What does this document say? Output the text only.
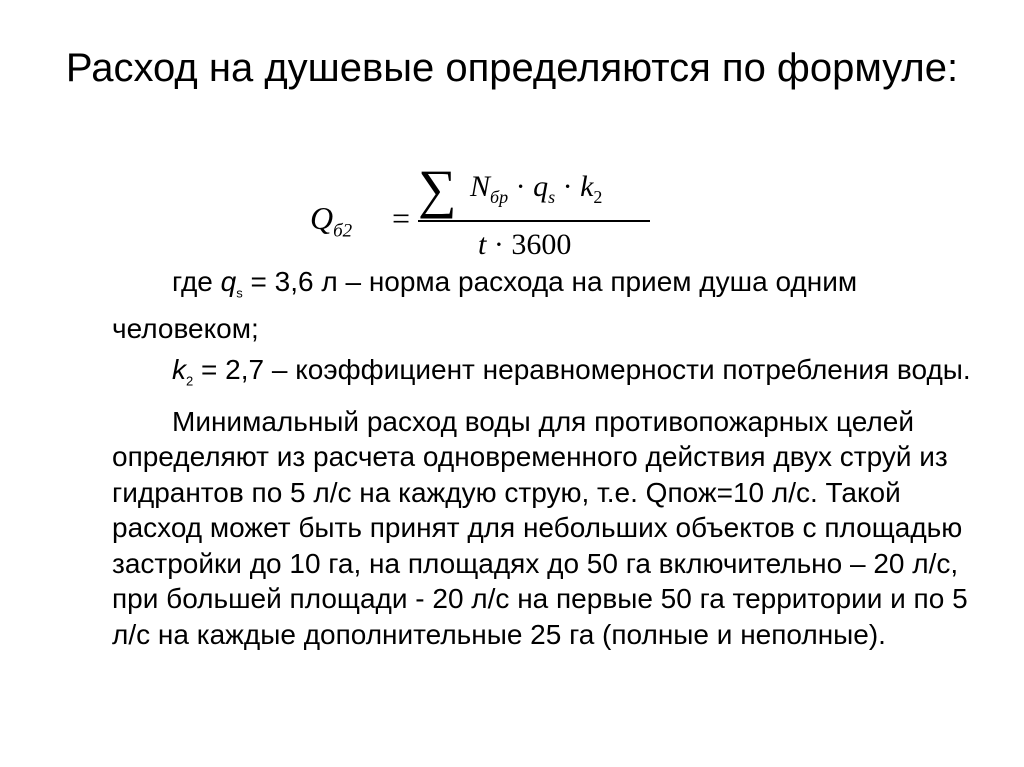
Расход на душевые определяются по формуле:
$Q_{б2}$ = ∑ $N_{бр} \cdot q_s \cdot k_2$
t · 3600

где $q_s = 3,6$ л – норма расхода на прием душа одним человеком;

$k_2 = 2,7$ – коэффициент неравномерности потребления воды.

Минимальный расход воды для противопожарных целей определяют из расчета одновременного действия двух струй из гидрантов по 5 л/с на каждую струю, т.е. Qпож=10 л/с. Такой расход может быть принят для небольших объектов с площадью застройки до 10 га, на площадях до 50 га включительно – 20 л/с, при большей площади - 20 л/с на первые 50 га территории и по 5 л/с на каждые дополнительные 25 га (полные и неполные).
